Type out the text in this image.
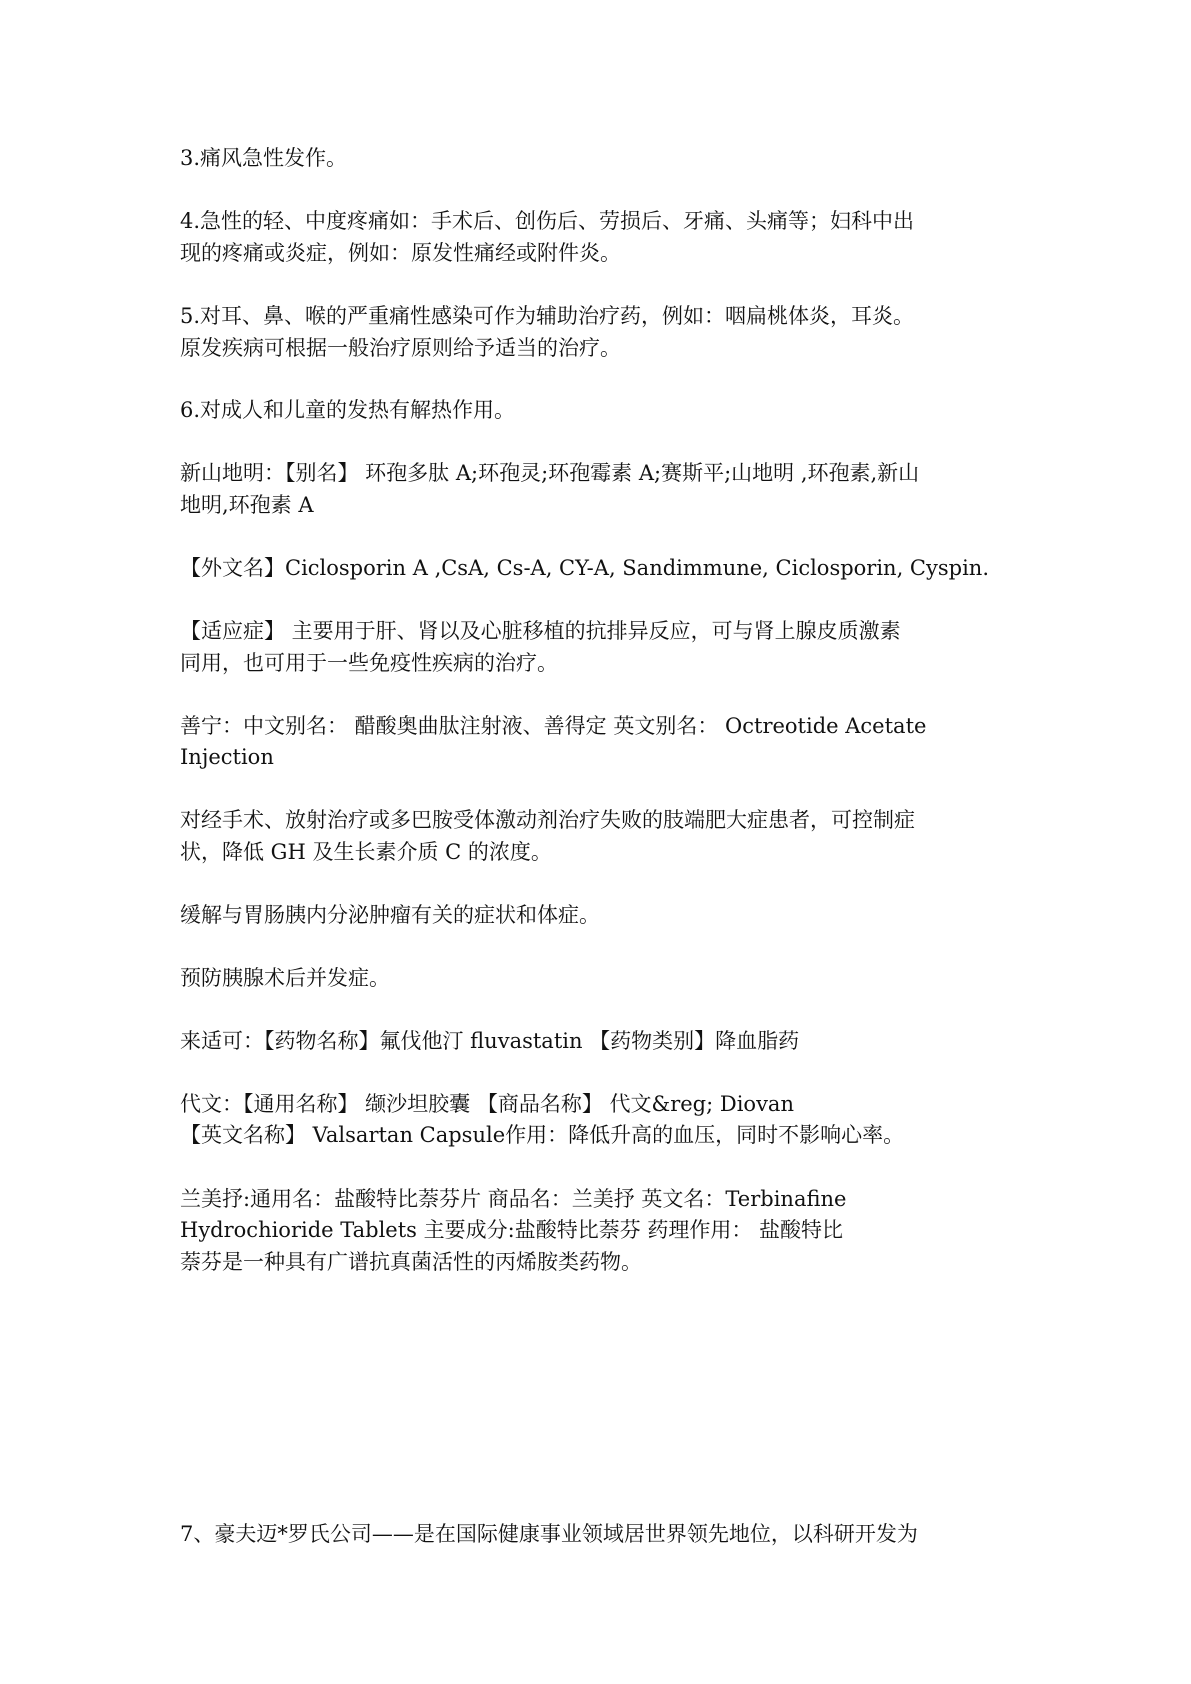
3.痛风急性发作。
4.急性的轻、中度疼痛如：手术后、创伤后、劳损后、牙痛、头痛等；妇科中出
现的疼痛或炎症，例如：原发性痛经或附件炎。
5.对耳、鼻、喉的严重痛性感染可作为辅助治疗药，例如：咽扁桃体炎，耳炎。
原发疾病可根据一般治疗原则给予适当的治疗。
6.对成人和儿童的发热有解热作用。
新山地明：【别名】 环孢多肽 A;环孢灵;环孢霉素 A;赛斯平;山地明 ,环孢素,新山
地明,环孢素 A
【外文名】Ciclosporin A ,CsA, Cs-A, CY-A, Sandimmune, Ciclosporin, Cyspin.
【适应症】 主要用于肝、肾以及心脏移植的抗排异反应，可与肾上腺皮质激素
同用，也可用于一些免疫性疾病的治疗。
善宁：中文别名： 醋酸奥曲肽注射液、善得定 英文别名： Octreotide Acetate
Injection
对经手术、放射治疗或多巴胺受体激动剂治疗失败的肢端肥大症患者，可控制症
状，降低 GH 及生长素介质 C 的浓度。
缓解与胃肠胰内分泌肿瘤有关的症状和体症。
预防胰腺术后并发症。
来适可：【药物名称】氟伐他汀 fluvastatin 【药物类别】降血脂药
代文：【通用名称】 缬沙坦胶囊 【商品名称】 代文&reg; Diovan
【英文名称】 Valsartan Capsule作用：降低升高的血压，同时不影响心率。
兰美抒:通用名：盐酸特比萘芬片 商品名：兰美抒 英文名：Terbinafine
Hydrochioride Tablets 主要成分:盐酸特比萘芬 药理作用： 盐酸特比
萘芬是一种具有广谱抗真菌活性的丙烯胺类药物。
7、豪夫迈*罗氏公司——是在国际健康事业领域居世界领先地位，以科研开发为
